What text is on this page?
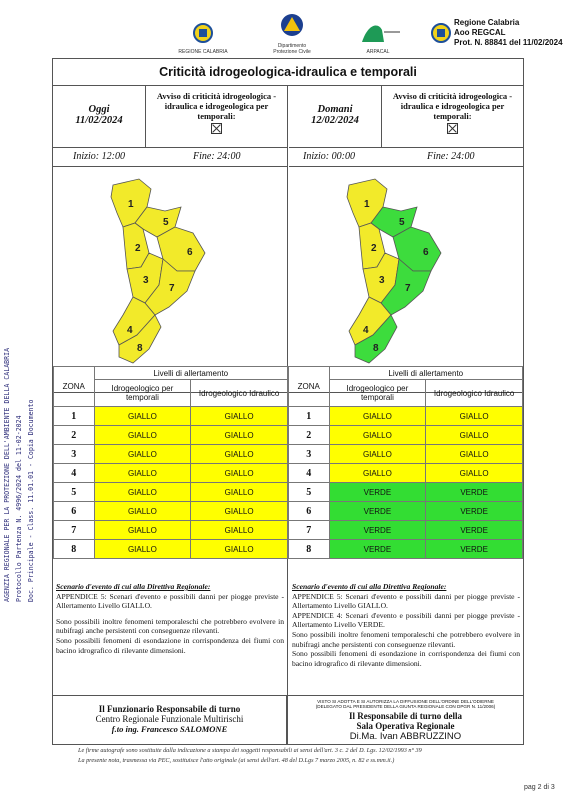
REGIONE CALABRIA
Dipartimento
Protezione Civile	ARPACAL
Regione Calabria
Aoo REGCAL
Prot. N. 88841 del 11/02/2024
AGENZIA REGIONALE PER LA PROTEZIONE DELL'AMBIENTE DELLA CALABRIA Protocollo Partenza N. 4996/2024 del 11-02-2024 Doc. Principale - Class. 11.01.01 - Copia Documento
Criticità idrogeologica-idraulica e temporali
Oggi
11/02/2024
Avviso di criticità idrogeologica - idraulica e idrogeologica per temporali:
Inizio: 12:00	Fine: 24:00
1
5
2	6
3
7
4
8
Domani
12/02/2024
Avviso di criticità idrogeologica - idraulica e idrogeologica per temporali:
Inizio: 00:00	Fine: 24:00
1
5
2	6
3
7
4
8
ZONA	Livelli di allertamento	
	Idrogeologico per temporali	Idrogeologico Idraulico
1	GIALLO	GIALLO
2	GIALLO	GIALLO
3	GIALLO	GIALLO
4	GIALLO	GIALLO
5	GIALLO	GIALLO
6	GIALLO	GIALLO
7	GIALLO	GIALLO
8	GIALLO	GIALLO
ZONA	Livelli di allertamento	
	Idrogeologico per temporali	Idrogeologico Idraulico
1	GIALLO	GIALLO
2	GIALLO	GIALLO
3	GIALLO	GIALLO
4	GIALLO	GIALLO
5	VERDE	VERDE
6	VERDE	VERDE
7	VERDE	VERDE
8	VERDE	VERDE
Scenario d'evento di cui alla Direttiva Regionale:
APPENDICE 5: Scenari d'evento e possibili danni per piogge previste - Allertamento Livello GIALLO.
Sono possibili inoltre fenomeni temporaleschi che potrebbero evolvere in nubifragi anche persistenti con conseguenze rilevanti.
Sono possibili fenomeni di esondazione in corrispondenza dei fiumi con bacino idrografico di rilevante dimensioni.
Scenario d'evento di cui alla Direttiva Regionale:
APPENDICE 5: Scenari d'evento e possibili danni per piogge previste - Allertamento Livello GIALLO.
APPENDICE 4: Scenari d'evento e possibili danni per piogge previste - Allertamento Livello VERDE.
Sono possibili inoltre fenomeni temporaleschi che potrebbero evolvere in nubifragi anche persistenti con conseguenze rilevanti.
Sono possibili fenomeni di esondazione in corrispondenza dei fiumi con bacino idrografico di rilevante dimensioni.
Il Funzionario Responsabile di turno
Centro Regionale Funzionale Multirischi
f.to ing. Francesco SALOMONE
VISTO SI ADOTTA E SI AUTORIZZA LA DIFFUSIONE DELL'ORDINE DELL'ODIERNE
(DELEGATO DAL PRESIDENTE DELLA GIUNTA REGIONALE CON DPGR N. 11/2006)
Il Responsabile di turno della
Sala Operativa Regionale
Di.Ma. Ivan ABBRUZZINO
Le firme autografe sono sostituite dalla indicazione a stampa dei soggetti responsabili ai sensi dell'art. 3 c. 2 del D. Lgs. 12/02/1993 n° 39
La presente nota, trasmessa via PEC, sostituisce l'atto originale (ai sensi dell'art. 48 del D.Lgs 7 marzo 2005, n. 82 e ss.mm.ii.)
pag 2 di 3
